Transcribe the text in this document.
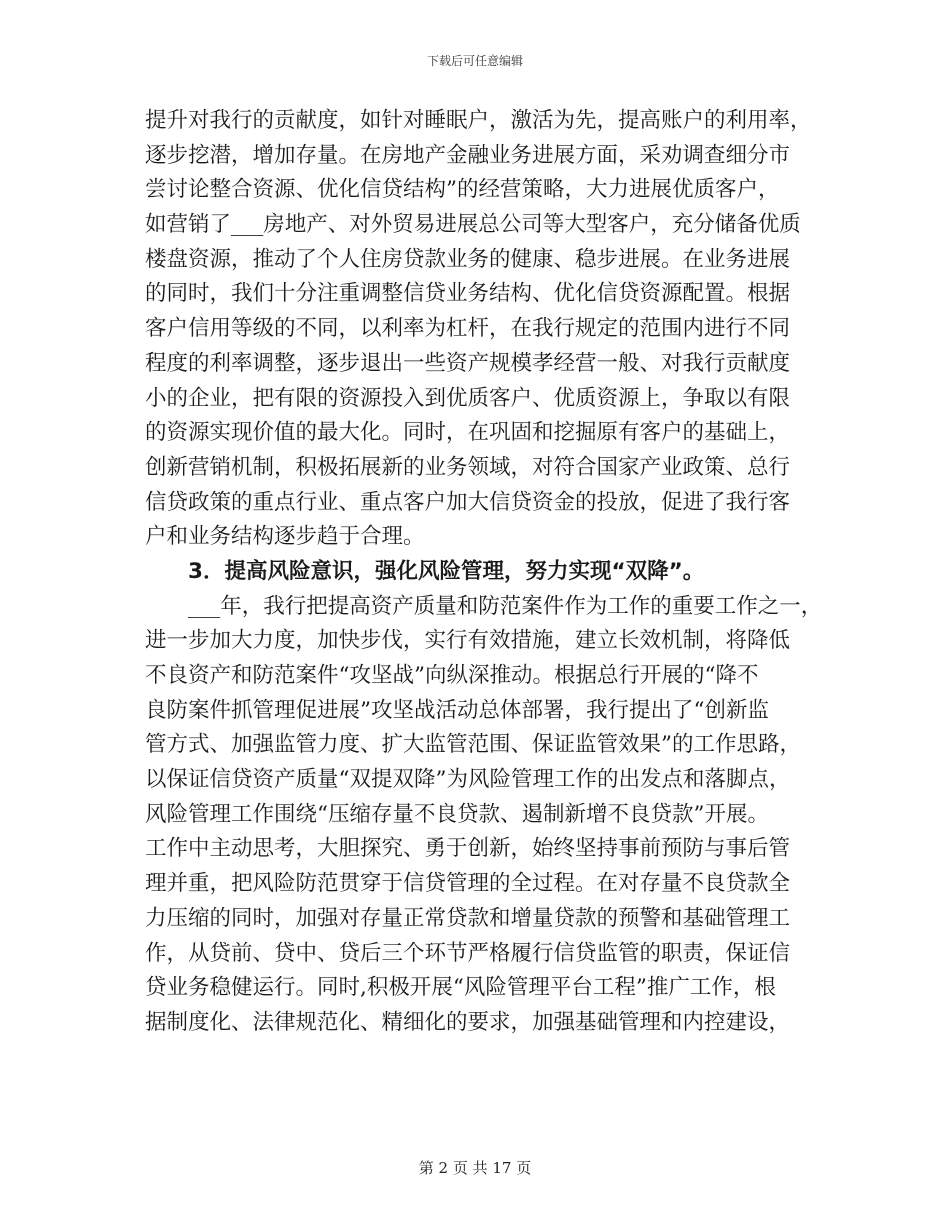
下载后可任意编辑
提升对我行的贡献度，如针对睡眠户，激活为先，提高账户的利用率，
逐步挖潜，增加存量。在房地产金融业务进展方面，采劝调查细分市
尝讨论整合资源、优化信贷结构”的经营策略，大力进展优质客户，
如营销了___房地产、对外贸易进展总公司等大型客户，充分储备优质
楼盘资源，推动了个人住房贷款业务的健康、稳步进展。在业务进展
的同时，我们十分注重调整信贷业务结构、优化信贷资源配置。根据
客户信用等级的不同，以利率为杠杆，在我行规定的范围内进行不同
程度的利率调整，逐步退出一些资产规模孝经营一般、对我行贡献度
小的企业，把有限的资源投入到优质客户、优质资源上，争取以有限
的资源实现价值的最大化。同时，在巩固和挖掘原有客户的基础上，
创新营销机制，积极拓展新的业务领域，对符合国家产业政策、总行
信贷政策的重点行业、重点客户加大信贷资金的投放，促进了我行客
户和业务结构逐步趋于合理。
3．提高风险意识，强化风险管理，努力实现“双降”。
___年，我行把提高资产质量和防范案件作为工作的重要工作之一，
进一步加大力度，加快步伐，实行有效措施，建立长效机制，将降低
不良资产和防范案件“攻坚战”向纵深推动。根据总行开展的“降不
良防案件抓管理促进展”攻坚战活动总体部署，我行提出了“创新监
管方式、加强监管力度、扩大监管范围、保证监管效果”的工作思路，
以保证信贷资产质量“双提双降”为风险管理工作的出发点和落脚点，
风险管理工作围绕“压缩存量不良贷款、遏制新增不良贷款”开展。
工作中主动思考，大胆探究、勇于创新，始终坚持事前预防与事后管
理并重，把风险防范贯穿于信贷管理的全过程。在对存量不良贷款全
力压缩的同时，加强对存量正常贷款和增量贷款的预警和基础管理工
作，从贷前、贷中、贷后三个环节严格履行信贷监管的职责，保证信
贷业务稳健运行。同时,积极开展“风险管理平台工程”推广工作，根
据制度化、法律规范化、精细化的要求，加强基础管理和内控建设，
第 2 页 共 17 页
